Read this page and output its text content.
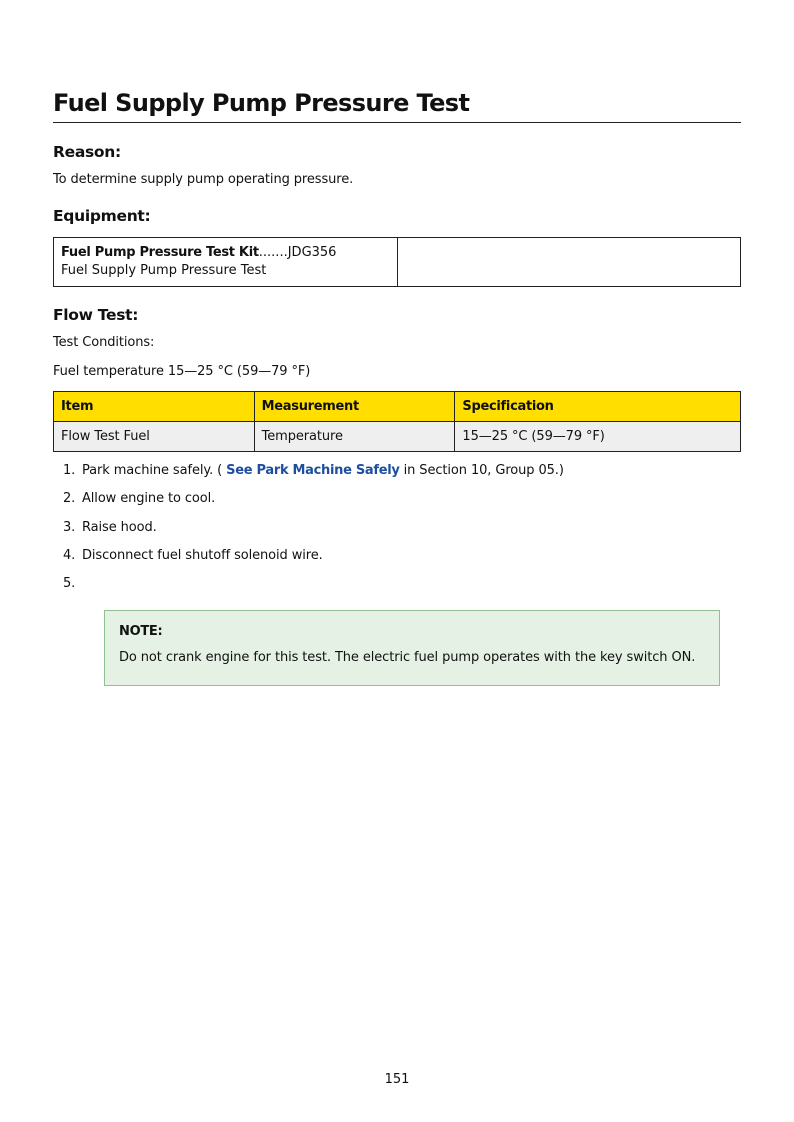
Fuel Supply Pump Pressure Test
Reason:
To determine supply pump operating pressure.
Equipment:
Fuel Pump Pressure Test Kit.......JDG356
Fuel Supply Pump Pressure Test
Flow Test:
Test Conditions:
Fuel temperature 15—25 °C (59—79 °F)
Item	Measurement	Specification
Flow Test Fuel	Temperature	15—25 °C (59—79 °F)
1. Park machine safely. ( See Park Machine Safely in Section 10, Group 05.)
2. Allow engine to cool.
3. Raise hood.
4. Disconnect fuel shutoff solenoid wire.
5.
NOTE:
Do not crank engine for this test. The electric fuel pump operates with the key switch ON.
151
